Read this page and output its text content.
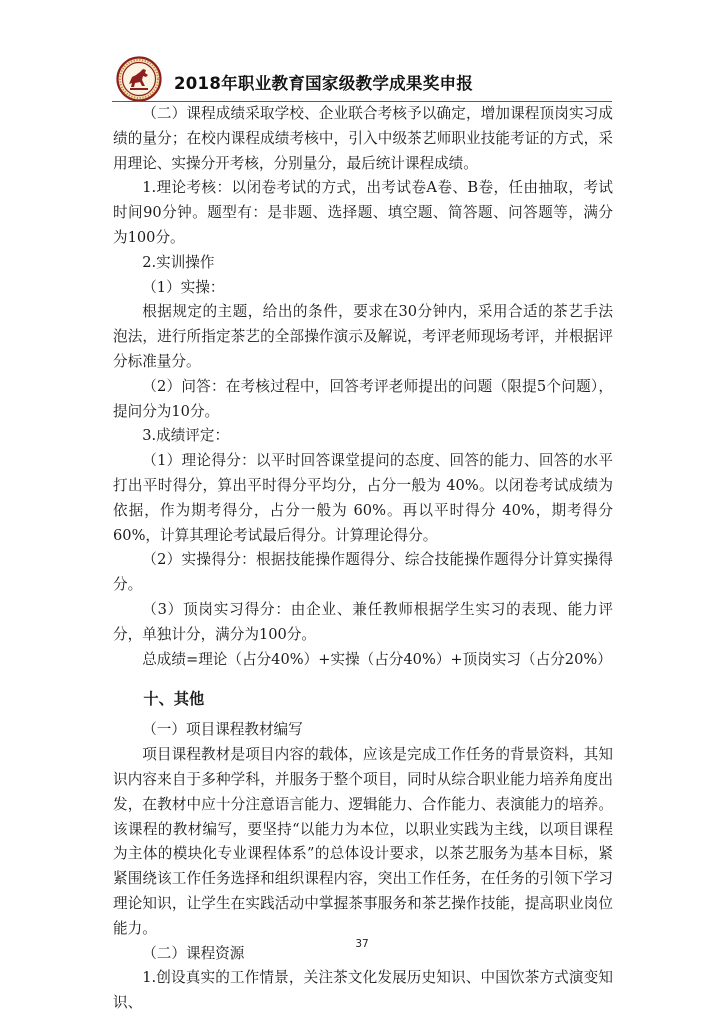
2018年职业教育国家级教学成果奖申报

（二）课程成绩采取学校、企业联合考核予以确定，增加课程顶岗实习成绩的量分；在校内课程成绩考核中，引入中级茶艺师职业技能考证的方式，采用理论、实操分开考核，分别量分，最后统计课程成绩。

1.理论考核：以闭卷考试的方式，出考试卷A卷、B卷，任由抽取，考试时间90分钟。题型有：是非题、选择题、填空题、简答题、问答题等，满分为100分。

2.实训操作

（1）实操：

根据规定的主题，给出的条件，要求在30分钟内，采用合适的茶艺手法泡法，进行所指定茶艺的全部操作演示及解说，考评老师现场考评，并根据评分标准量分。

（2）问答：在考核过程中，回答考评老师提出的问题（限提5个问题），提问分为10分。

3.成绩评定：

（1）理论得分：以平时回答课堂提问的态度、回答的能力、回答的水平打出平时得分，算出平时得分平均分，占分一般为 40%。以闭卷考试成绩为依据，作为期考得分，占分一般为 60%。再以平时得分 40%，期考得分 60%，计算其理论考试最后得分。计算理论得分。

（2）实操得分：根据技能操作题得分、综合技能操作题得分计算实操得分。

（3）顶岗实习得分：由企业、兼任教师根据学生实习的表现、能力评分，单独计分，满分为100分。

总成绩=理论（占分40%）+实操（占分40%）+顶岗实习（占分20%）

十、其他

（一）项目课程教材编写

项目课程教材是项目内容的载体，应该是完成工作任务的背景资料，其知识内容来自于多种学科，并服务于整个项目，同时从综合职业能力培养角度出发，在教材中应十分注意语言能力、逻辑能力、合作能力、表演能力的培养。该课程的教材编写，要坚持“以能力为本位，以职业实践为主线，以项目课程为主体的模块化专业课程体系”的总体设计要求，以茶艺服务为基本目标，紧紧围绕该工作任务选择和组织课程内容，突出工作任务，在任务的引领下学习理论知识，让学生在实践活动中掌握茶事服务和茶艺操作技能，提高职业岗位能力。

（二）课程资源

1.创设真实的工作情景，关注茶文化发展历史知识、中国饮茶方式演变知识、

37
